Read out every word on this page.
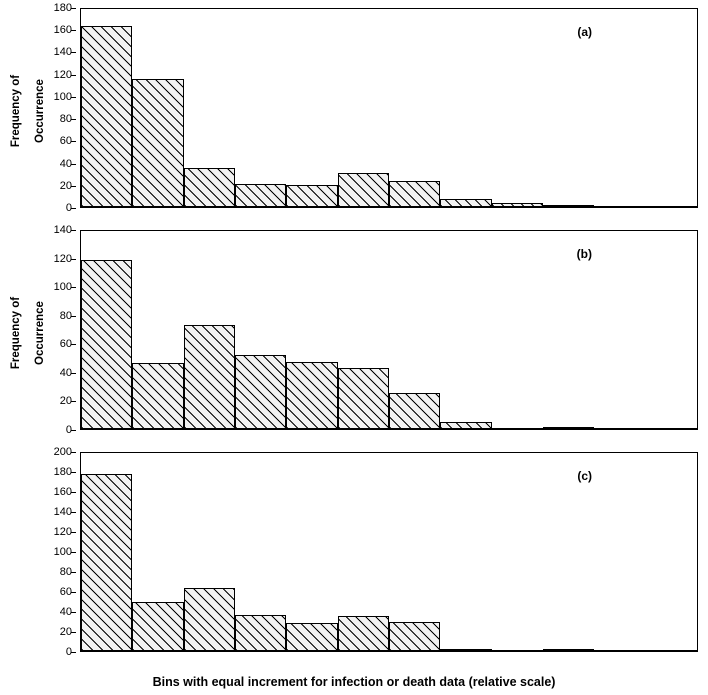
0
20
40
60
80
100
120
140
160
180
(a)

Frequency of Occurrence

0
20
40
60
80
100
120
140
(b)

Frequency of Occurrence

0
20
40
60
80
100
120
140
160
180
200
(c)
Bins with equal increment for infection or death data (relative scale)
